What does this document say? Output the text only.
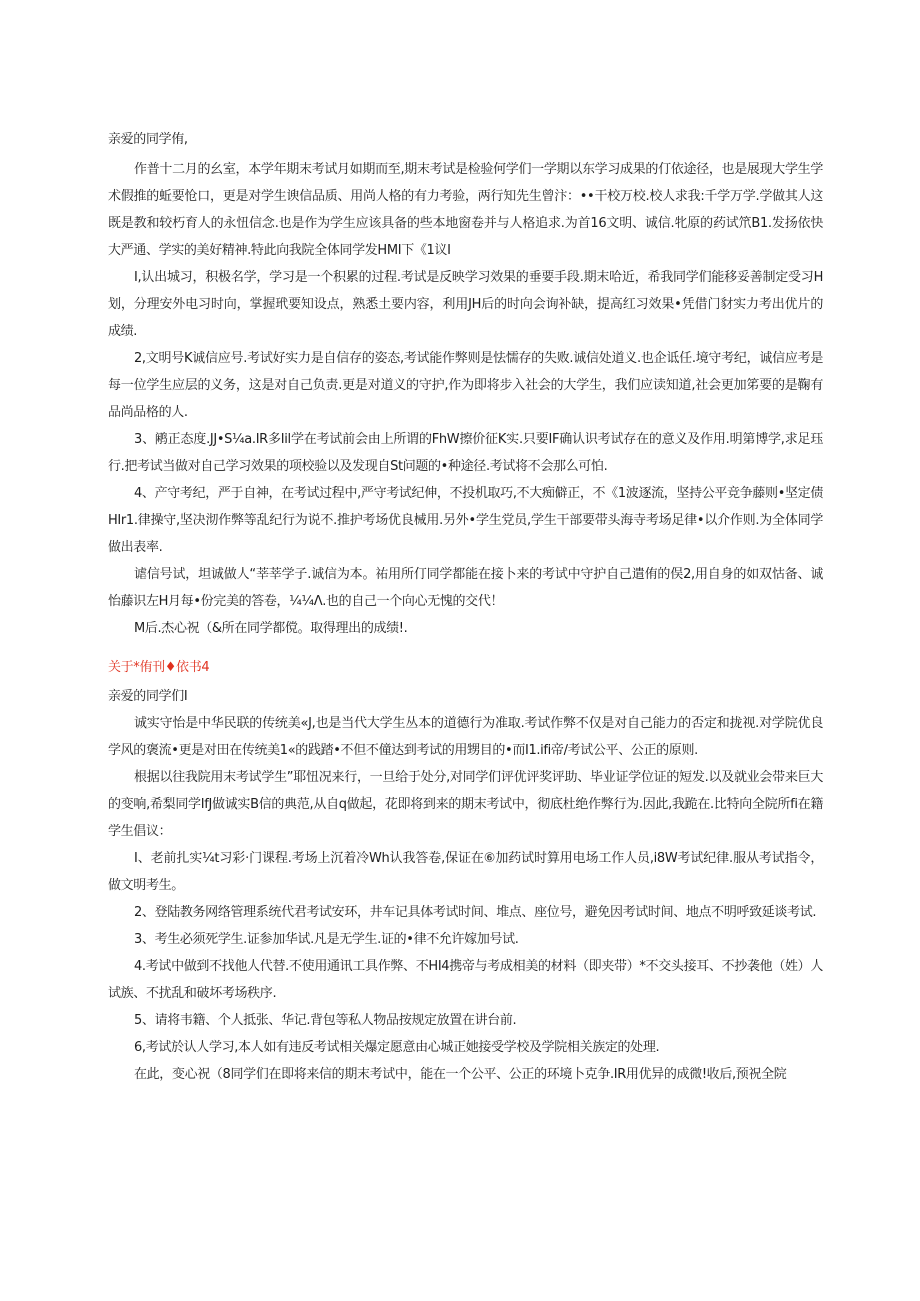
亲爱的同学侑,

作普十二月的幺室，本学年期末考试月如期而至,期末考试是检验何学们一学期以东学习成果的仃依途径，也是展现大学生学术假推的蚯要怆口，更是对学生谀信品质、用尚人格的有力考验，两行知先生曾汴：••干校万校.校人求我:千学万学.学做其人这既是教和较朽育人的永忸信念.也是作为学生应该具备的些本地窗卷并与人格追求.为首16文明、诚信.牝原的药试笊B1.发扬依快大严通、学实的美好精神.特此向我院全体同学发HMI下《1议I

I,认出城习，积极名学，学习是一个积累的过程.考试是反映学习效果的垂要手段.期末哈近，希我同学们能移妥善制定受习H划，分理安外电习时向，掌握玳要知设点，熟悉土要内容，利用JH后的时向会询补缺，提高红习效果•凭借门豺实力考出优片的成绩.

2,文明号K诚信应号.考试好实力是自信存的姿态,考试能作弊则是怯懦存的失败.诚信处道义.也企诋任.境守考纪，诚信应考是每一位学生应层的义务，这是对自己负责.更是对道义的守护,作为即将步入社会的大学生，我们应读知道,社会更加笫要的是鞠有品尚品格的人.

3、鹇正态度.JJ•S¼a.IR多Iil学在考试前会由上所谓的FhW擦价征K实.只要IF确认识考试存在的意义及作用.明第博学,求足珏行.把考试当做对自己学习效果的项校验以及发现自St问题的•种途径.考试将不会那么可怕.

4、产守考纪，严于自神，在考试过程中,严守考试纪伸，不投机取巧,不大痴僻正，不《1波逐流，坚持公平竞争藤则•坚定债HIr1.律操守,坚决沏作弊等乱纪行为说不.推护考场优良械用.另外•学生党员,学生干部要带头海寺考场足律•以介作则.为全体同学做出表率.

谑信号试，坦诚做人“莘莘学子.诚信为本。祐用所仃同学都能在接卜来的考试中守护自己遣侑的俣2,用自身的如双怙备、诚怡藤识左H月每•份完美的答卷，¼¼Λ.也的自己一个向心无愧的交代！

M后.杰心祝（&所在同学都傥。取得理出的成绩!.

关于*侑刊♦依书4

亲爱的同学们I

诚实守怡是中华民联的传统美«J,也是当代大学生丛本的道德行为准取.考试作弊不仅是对自己能力的否定和拢视.对学院优良学风的褒流•更是对田在传统美1«的践踏•不但不僮达到考试的用甥目的•而I1.ifi帝/考试公平、公正的原则.

根据以往我院用末考试学生”耶忸况来行，一旦给于处分,对同学们评优评奖评助、毕业证学位证的短发.以及就业会带来巨大的变响,希梨同学IfJ做诚实B信的典范,从自q做起，花即将到来的期末考试中，彻底杜绝作弊行为.因此,我跪在.比特向全院所fi在籍学生倡议：

I、老前扎实¼t习彩·门课程.考场上沉着冷Wh认我答卷,保证在⑥加药试时算用电场工作人员,i8W考试纪律.服从考试指令，做文明考生。

2、登陆教务网络管理系统代君考试安环，井车记具体考试时间、堆点、座位号，避免因考试时间、地点不明呼致延谈考试.

3、考生必须死学生.证参加华试.凡是无学生.证的•律不允许嫁加号试.

4.考试中做到不找他人代替.不使用通讯工具作弊、不HI4携帝与考成相美的材料（即夹带）*不交头接耳、不抄袭他（姓）人试族、不扰乱和破坏考场秩序.

5、请将韦籍、个人抵张、华记.背包等私人物品按规定放置在讲台前.

6,考试於认人学习,本人如有违反考试相关爆定愿意由心城正她接受学校及学院相关族定的处理.

在此，变心祝（8同学们在即将来信的期末考试中，能在一个公平、公正的环境卜克争.IR用优异的成微!收后,预祝全院
